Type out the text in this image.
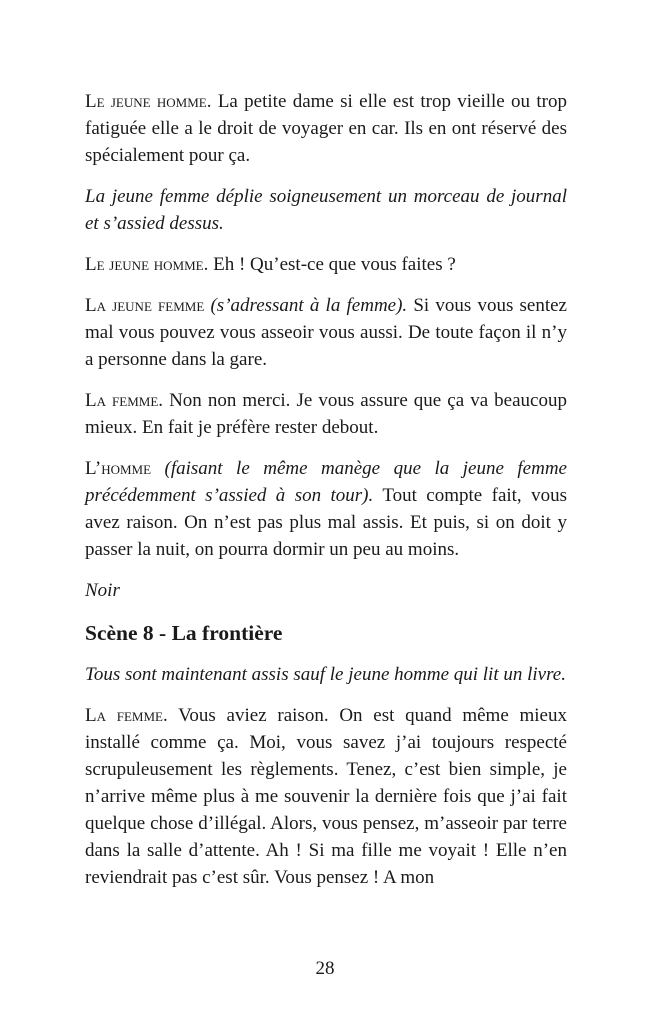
Le jeune homme. La petite dame si elle est trop vieille ou trop fatiguée elle a le droit de voyager en car. Ils en ont réservé des spécialement pour ça.

La jeune femme déplie soigneusement un morceau de journal et s’assied dessus.

Le jeune homme. Eh ! Qu’est-ce que vous faites ?

La jeune femme (s’adressant à la femme). Si vous vous sentez mal vous pouvez vous asseoir vous aussi. De toute façon il n’y a personne dans la gare.

La femme. Non non merci. Je vous assure que ça va beaucoup mieux. En fait je préfère rester debout.

L’homme (faisant le même manège que la jeune femme précédemment s’assied à son tour). Tout compte fait, vous avez raison. On n’est pas plus mal assis. Et puis, si on doit y passer la nuit, on pourra dormir un peu au moins.

Noir

Scène 8 - La frontière

Tous sont maintenant assis sauf le jeune homme qui lit un livre.

La femme. Vous aviez raison. On est quand même mieux installé comme ça. Moi, vous savez j’ai toujours respecté scrupuleusement les règlements. Tenez, c’est bien simple, je n’arrive même plus à me souvenir la dernière fois que j’ai fait quelque chose d’illégal. Alors, vous pensez, m’asseoir par terre dans la salle d’attente. Ah ! Si ma fille me voyait ! Elle n’en reviendrait pas c’est sûr. Vous pensez ! A mon

28
